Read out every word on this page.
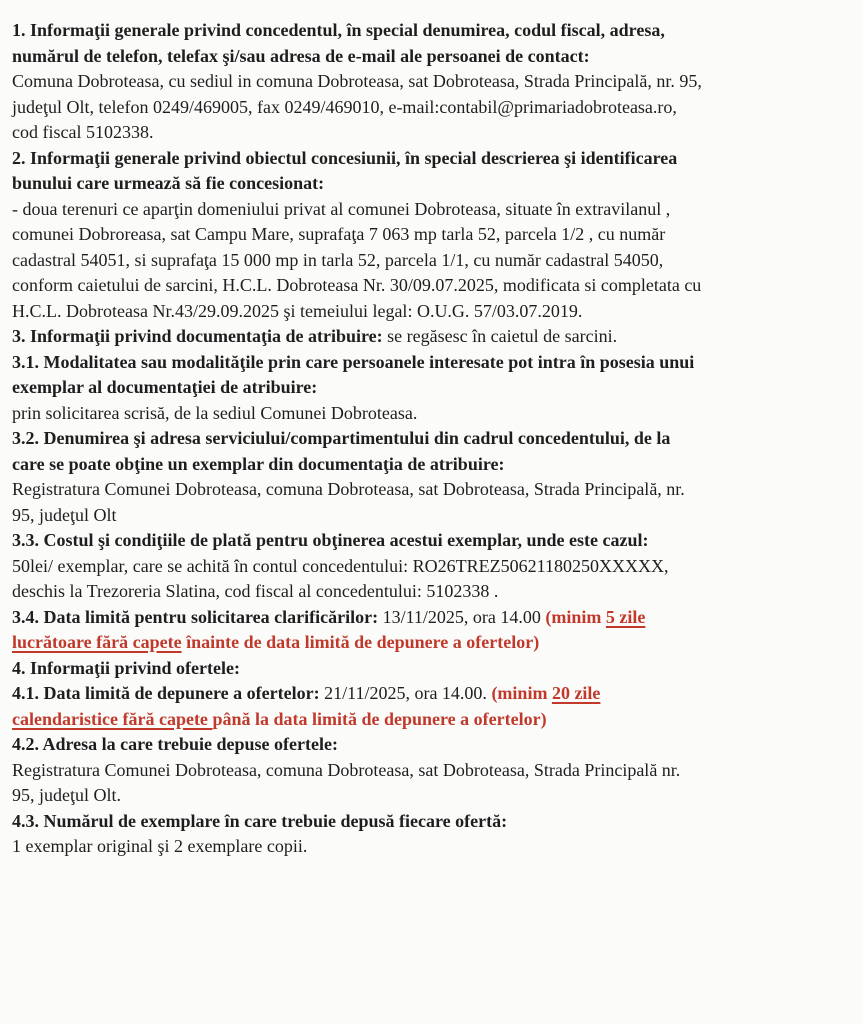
1. Informaţii generale privind concedentul, în special denumirea, codul fiscal, adresa,
numărul de telefon, telefax şi/sau adresa de e-mail ale persoanei de contact:
Comuna Dobroteasa, cu sediul in comuna Dobroteasa, sat Dobroteasa, Strada Principală, nr. 95,
judeţul Olt, telefon 0249/469005, fax 0249/469010, e-mail:contabil@primariadobroteasa.ro,
cod fiscal 5102338.
2. Informaţii generale privind obiectul concesiunii, în special descrierea şi identificarea
bunului care urmează să fie concesionat:
- doua terenuri ce aparţin domeniului privat al comunei Dobroteasa, situate în extravilanul ,
comunei Dobroreasa, sat Campu Mare, suprafaţa 7 063 mp tarla 52, parcela 1/2 , cu număr
cadastral 54051, si suprafaţa 15 000 mp in tarla 52, parcela 1/1, cu număr cadastral 54050,
conform caietului de sarcini, H.C.L. Dobroteasa Nr. 30/09.07.2025, modificata si completata cu
H.C.L. Dobroteasa Nr.43/29.09.2025 şi temeiului legal: O.U.G. 57/03.07.2019.
3. Informaţii privind documentaţia de atribuire: se regăsesc în caietul de sarcini.
3.1. Modalitatea sau modalităţile prin care persoanele interesate pot intra în posesia unui
exemplar al documentaţiei de atribuire:
prin solicitarea scrisă, de la sediul Comunei Dobroteasa.
3.2. Denumirea şi adresa serviciului/compartimentului din cadrul concedentului, de la
care se poate obţine un exemplar din documentaţia de atribuire:
Registratura Comunei Dobroteasa, comuna Dobroteasa, sat Dobroteasa, Strada Principală, nr.
95, judeţul Olt
3.3. Costul şi condiţiile de plată pentru obţinerea acestui exemplar, unde este cazul:
50lei/ exemplar, care se achită în contul concedentului: RO26TREZ50621180250XXXXX,
deschis la Trezoreria Slatina, cod fiscal al concedentului: 5102338 .
3.4. Data limită pentru solicitarea clarificărilor: 13/11/2025, ora 14.00 (minim 5 zile
lucrătoare fără capete înainte de data limită de depunere a ofertelor)
4. Informaţii privind ofertele:
4.1. Data limită de depunere a ofertelor: 21/11/2025, ora 14.00. (minim 20 zile
calendaristice fără capete până la data limită de depunere a ofertelor)
4.2. Adresa la care trebuie depuse ofertele:
Registratura Comunei Dobroteasa, comuna Dobroteasa, sat Dobroteasa, Strada Principală nr.
95, judeţul Olt.
4.3. Numărul de exemplare în care trebuie depusă fiecare ofertă:
1 exemplar original şi 2 exemplare copii.
